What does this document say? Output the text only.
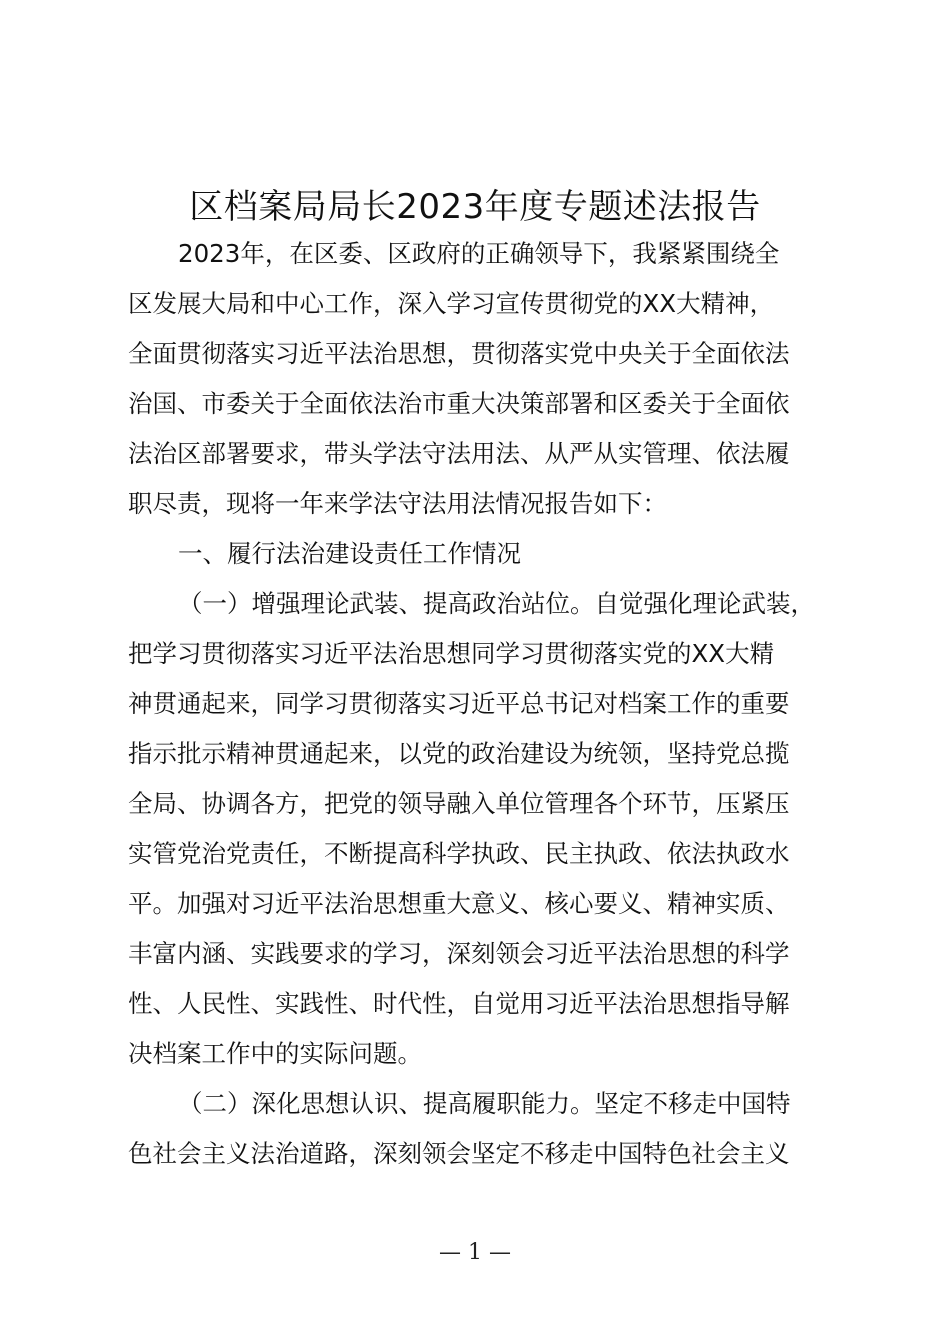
区档案局局长2023年度专题述法报告
2023年，在区委、区政府的正确领导下，我紧紧围绕全
区发展大局和中心工作，深入学习宣传贯彻党的XX大精神，
全面贯彻落实习近平法治思想，贯彻落实党中央关于全面依法
治国、市委关于全面依法治市重大决策部署和区委关于全面依
法治区部署要求，带头学法守法用法、从严从实管理、依法履
职尽责，现将一年来学法守法用法情况报告如下：
一、履行法治建设责任工作情况
（一）增强理论武装、提高政治站位。自觉强化理论武装，
把学习贯彻落实习近平法治思想同学习贯彻落实党的XX大精
神贯通起来，同学习贯彻落实习近平总书记对档案工作的重要
指示批示精神贯通起来，以党的政治建设为统领，坚持党总揽
全局、协调各方，把党的领导融入单位管理各个环节，压紧压
实管党治党责任，不断提高科学执政、民主执政、依法执政水
平。加强对习近平法治思想重大意义、核心要义、精神实质、
丰富内涵、实践要求的学习，深刻领会习近平法治思想的科学
性、人民性、实践性、时代性，自觉用习近平法治思想指导解
决档案工作中的实际问题。
（二）深化思想认识、提高履职能力。坚定不移走中国特
色社会主义法治道路，深刻领会坚定不移走中国特色社会主义
— 1 —
